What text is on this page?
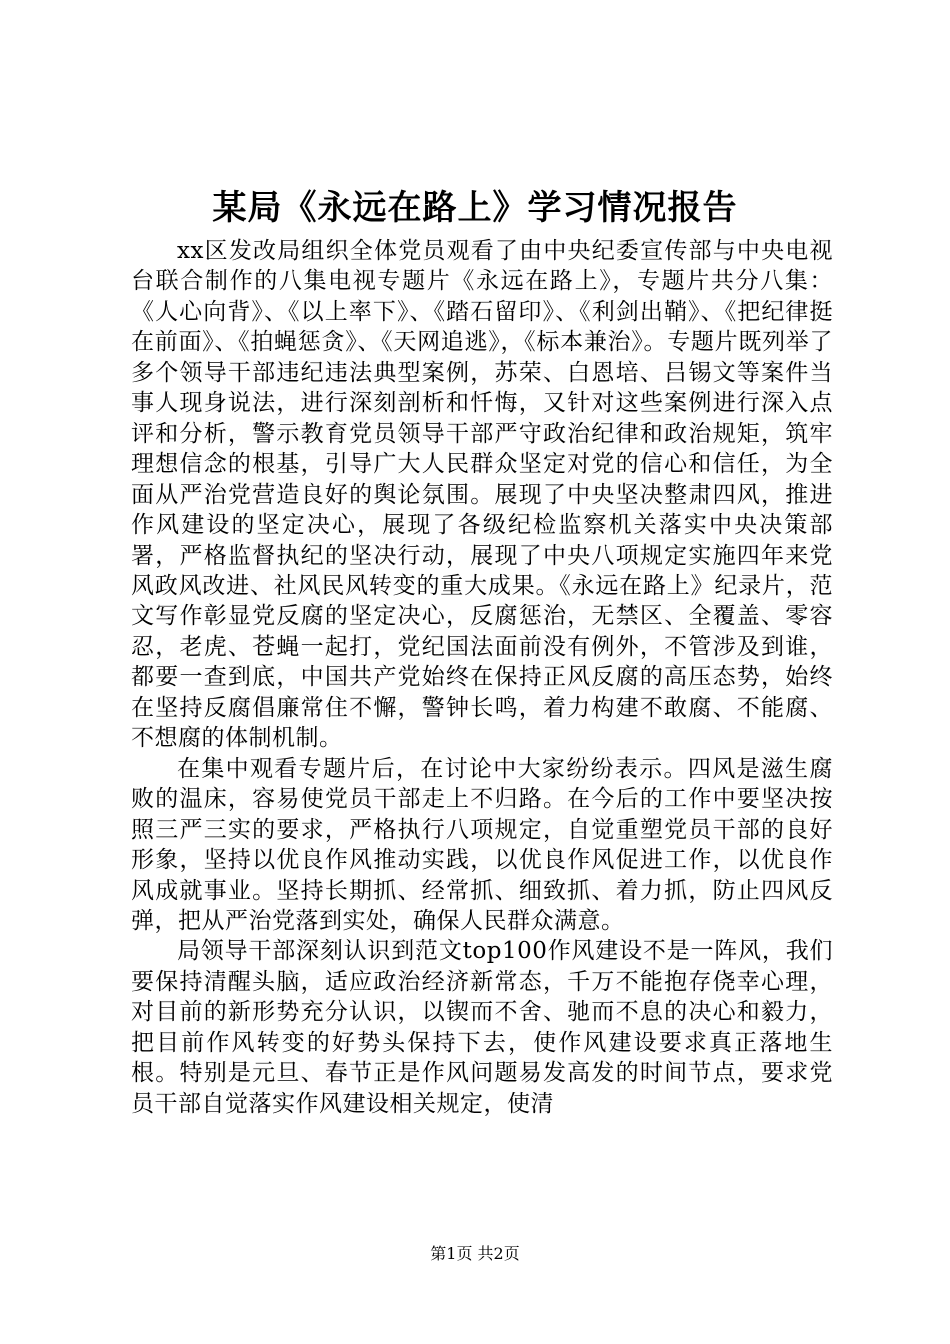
某局《永远在路上》学习情况报告

xx区发改局组织全体党员观看了由中央纪委宣传部与中央电视台联合制作的八集电视专题片《永远在路上》，专题片共分八集：《人心向背》、《以上率下》、《踏石留印》、《利剑出鞘》、《把纪律挺在前面》、《拍蝇惩贪》、《天网追逃》，《标本兼治》。专题片既列举了多个领导干部违纪违法典型案例，苏荣、白恩培、吕锡文等案件当事人现身说法，进行深刻剖析和忏悔，又针对这些案例进行深入点评和分析，警示教育党员领导干部严守政治纪律和政治规矩，筑牢理想信念的根基，引导广大人民群众坚定对党的信心和信任，为全面从严治党营造良好的舆论氛围。展现了中央坚决整肃四风，推进作风建设的坚定决心，展现了各级纪检监察机关落实中央决策部署，严格监督执纪的坚决行动，展现了中央八项规定实施四年来党风政风改进、社风民风转变的重大成果。《永远在路上》纪录片，范文写作彰显党反腐的坚定决心，反腐惩治，无禁区、全覆盖、零容忍，老虎、苍蝇一起打，党纪国法面前没有例外，不管涉及到谁，都要一查到底，中国共产党始终在保持正风反腐的高压态势，始终在坚持反腐倡廉常住不懈，警钟长鸣，着力构建不敢腐、不能腐、不想腐的体制机制。

在集中观看专题片后，在讨论中大家纷纷表示。四风是滋生腐败的温床，容易使党员干部走上不归路。在今后的工作中要坚决按照三严三实的要求，严格执行八项规定，自觉重塑党员干部的良好形象，坚持以优良作风推动实践，以优良作风促进工作，以优良作风成就事业。坚持长期抓、经常抓、细致抓、着力抓，防止四风反弹，把从严治党落到实处，确保人民群众满意。

局领导干部深刻认识到范文top100作风建设不是一阵风，我们要保持清醒头脑，适应政治经济新常态，千万不能抱存侥幸心理，对目前的新形势充分认识，以锲而不舍、驰而不息的决心和毅力，把目前作风转变的好势头保持下去，使作风建设要求真正落地生根。特别是元旦、春节正是作风问题易发高发的时间节点，要求党员干部自觉落实作风建设相关规定，使清

第1页 共2页
